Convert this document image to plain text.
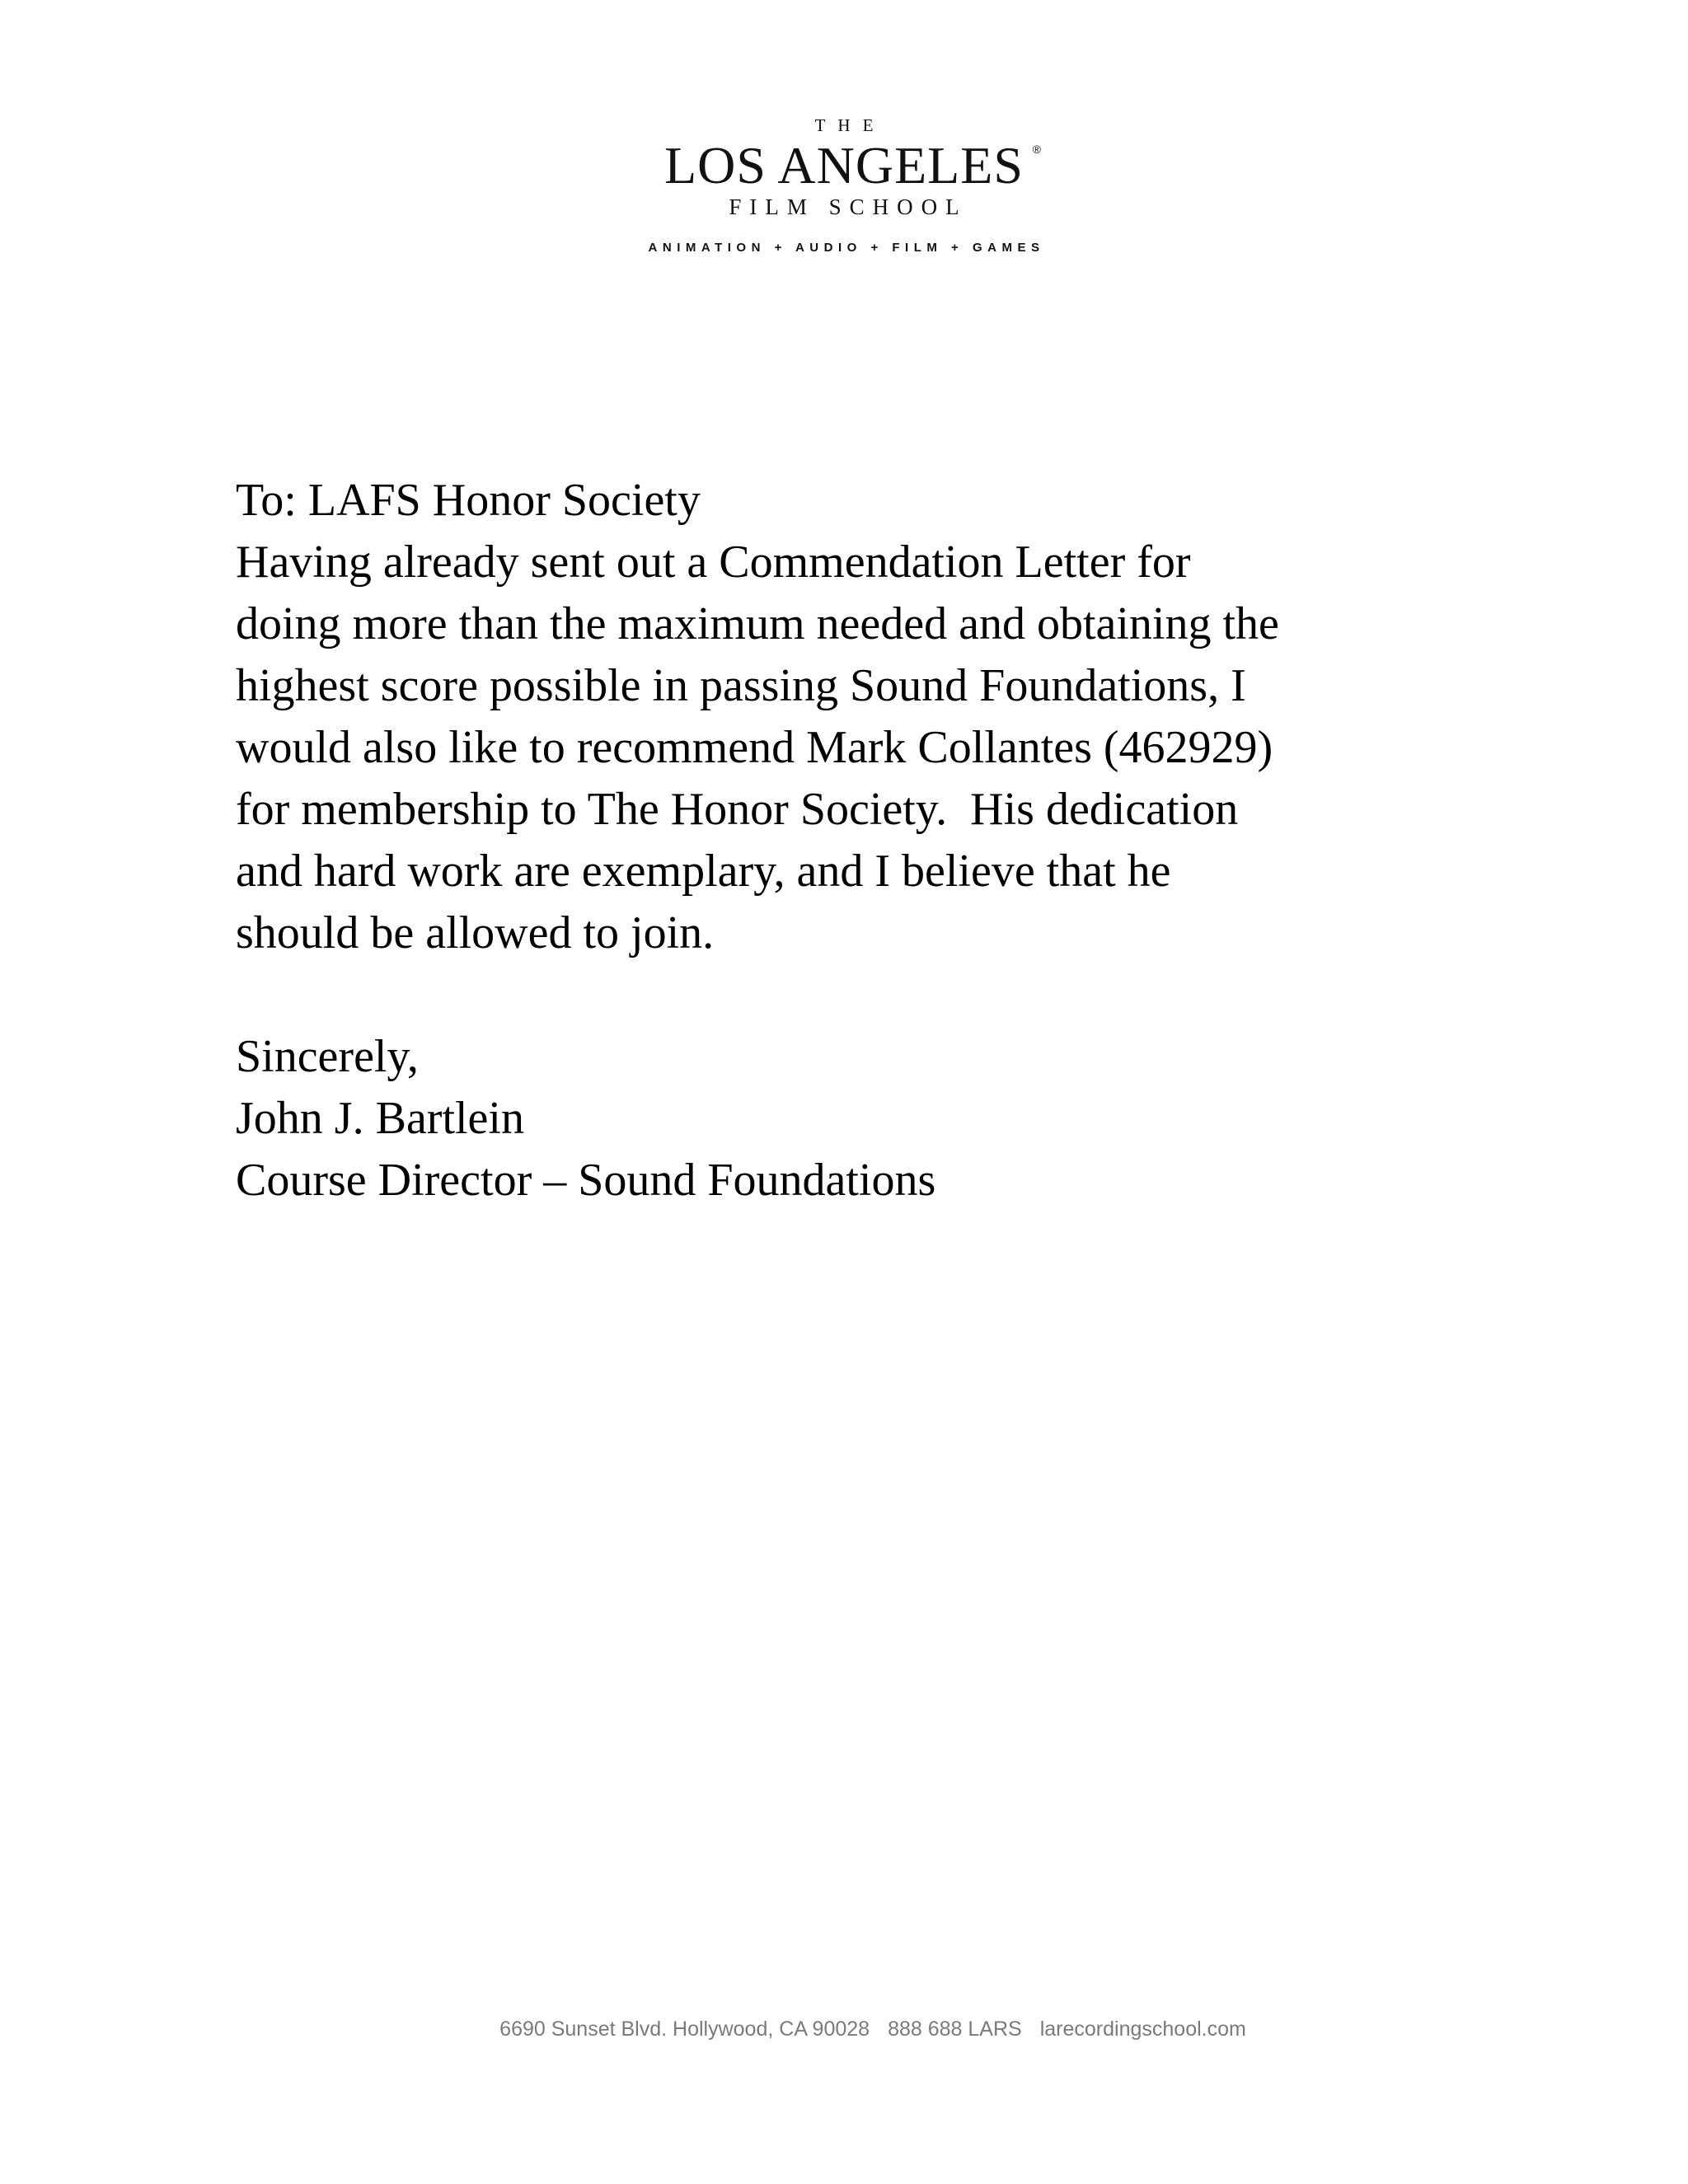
THE
LOS ANGELES ®
FILM SCHOOL
ANIMATION + AUDIO + FILM + GAMES

To: LAFS Honor Society

Having already sent out a Commendation Letter for

doing more than the maximum needed and obtaining the

highest score possible in passing Sound Foundations, I

would also like to recommend Mark Collantes (462929)

for membership to The Honor Society.  His dedication

and hard work are exemplary, and I believe that he

should be allowed to join.

Sincerely,

John J. Bartlein

Course Director – Sound Foundations

6690 Sunset Blvd. Hollywood, CA 90028 888 688 LARS larecordingschool.com
